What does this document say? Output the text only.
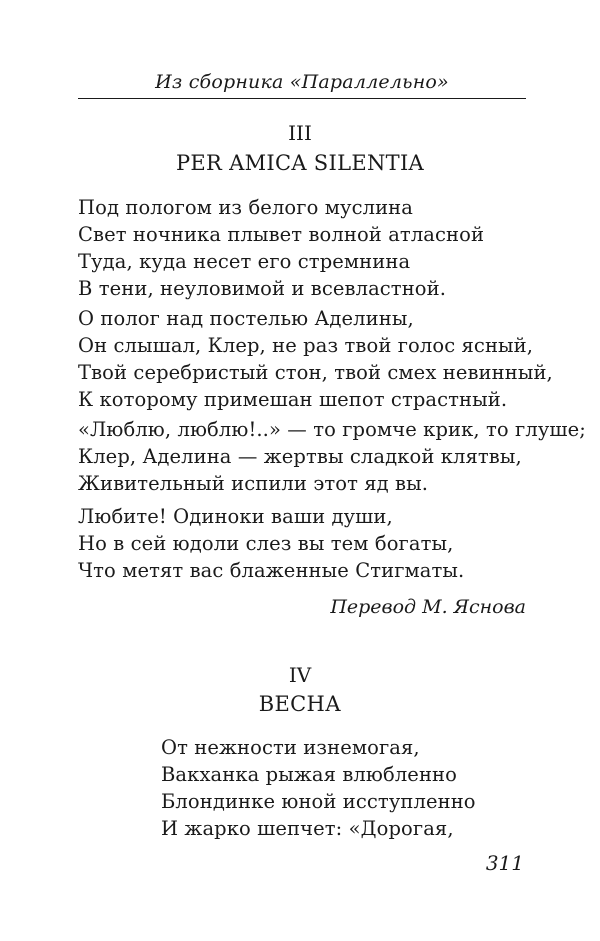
Из сборника «Параллельно»
III
PER AMICA SILENTIA
Под пологом из белого муслина
Свет ночника плывет волной атласной
Туда, куда несет его стремнина
В тени, неуловимой и всевластной.
О полог над постелью Аделины,
Он слышал, Клер, не раз твой голос ясный,
Твой серебристый стон, твой смех невинный,
К которому примешан шепот страстный.
«Люблю, люблю!..» — то громче крик, то глуше;
Клер, Аделина — жертвы сладкой клятвы,
Живительный испили этот яд вы.
Любите! Одиноки ваши души,
Но в сей юдоли слез вы тем богаты,
Что метят вас блаженные Стигматы.
Перевод М. Яснова
IV
ВЕСНА
От нежности изнемогая,
Вакханка рыжая влюбленно
Блондинке юной исступленно
И жарко шепчет: «Дорогая,
311
